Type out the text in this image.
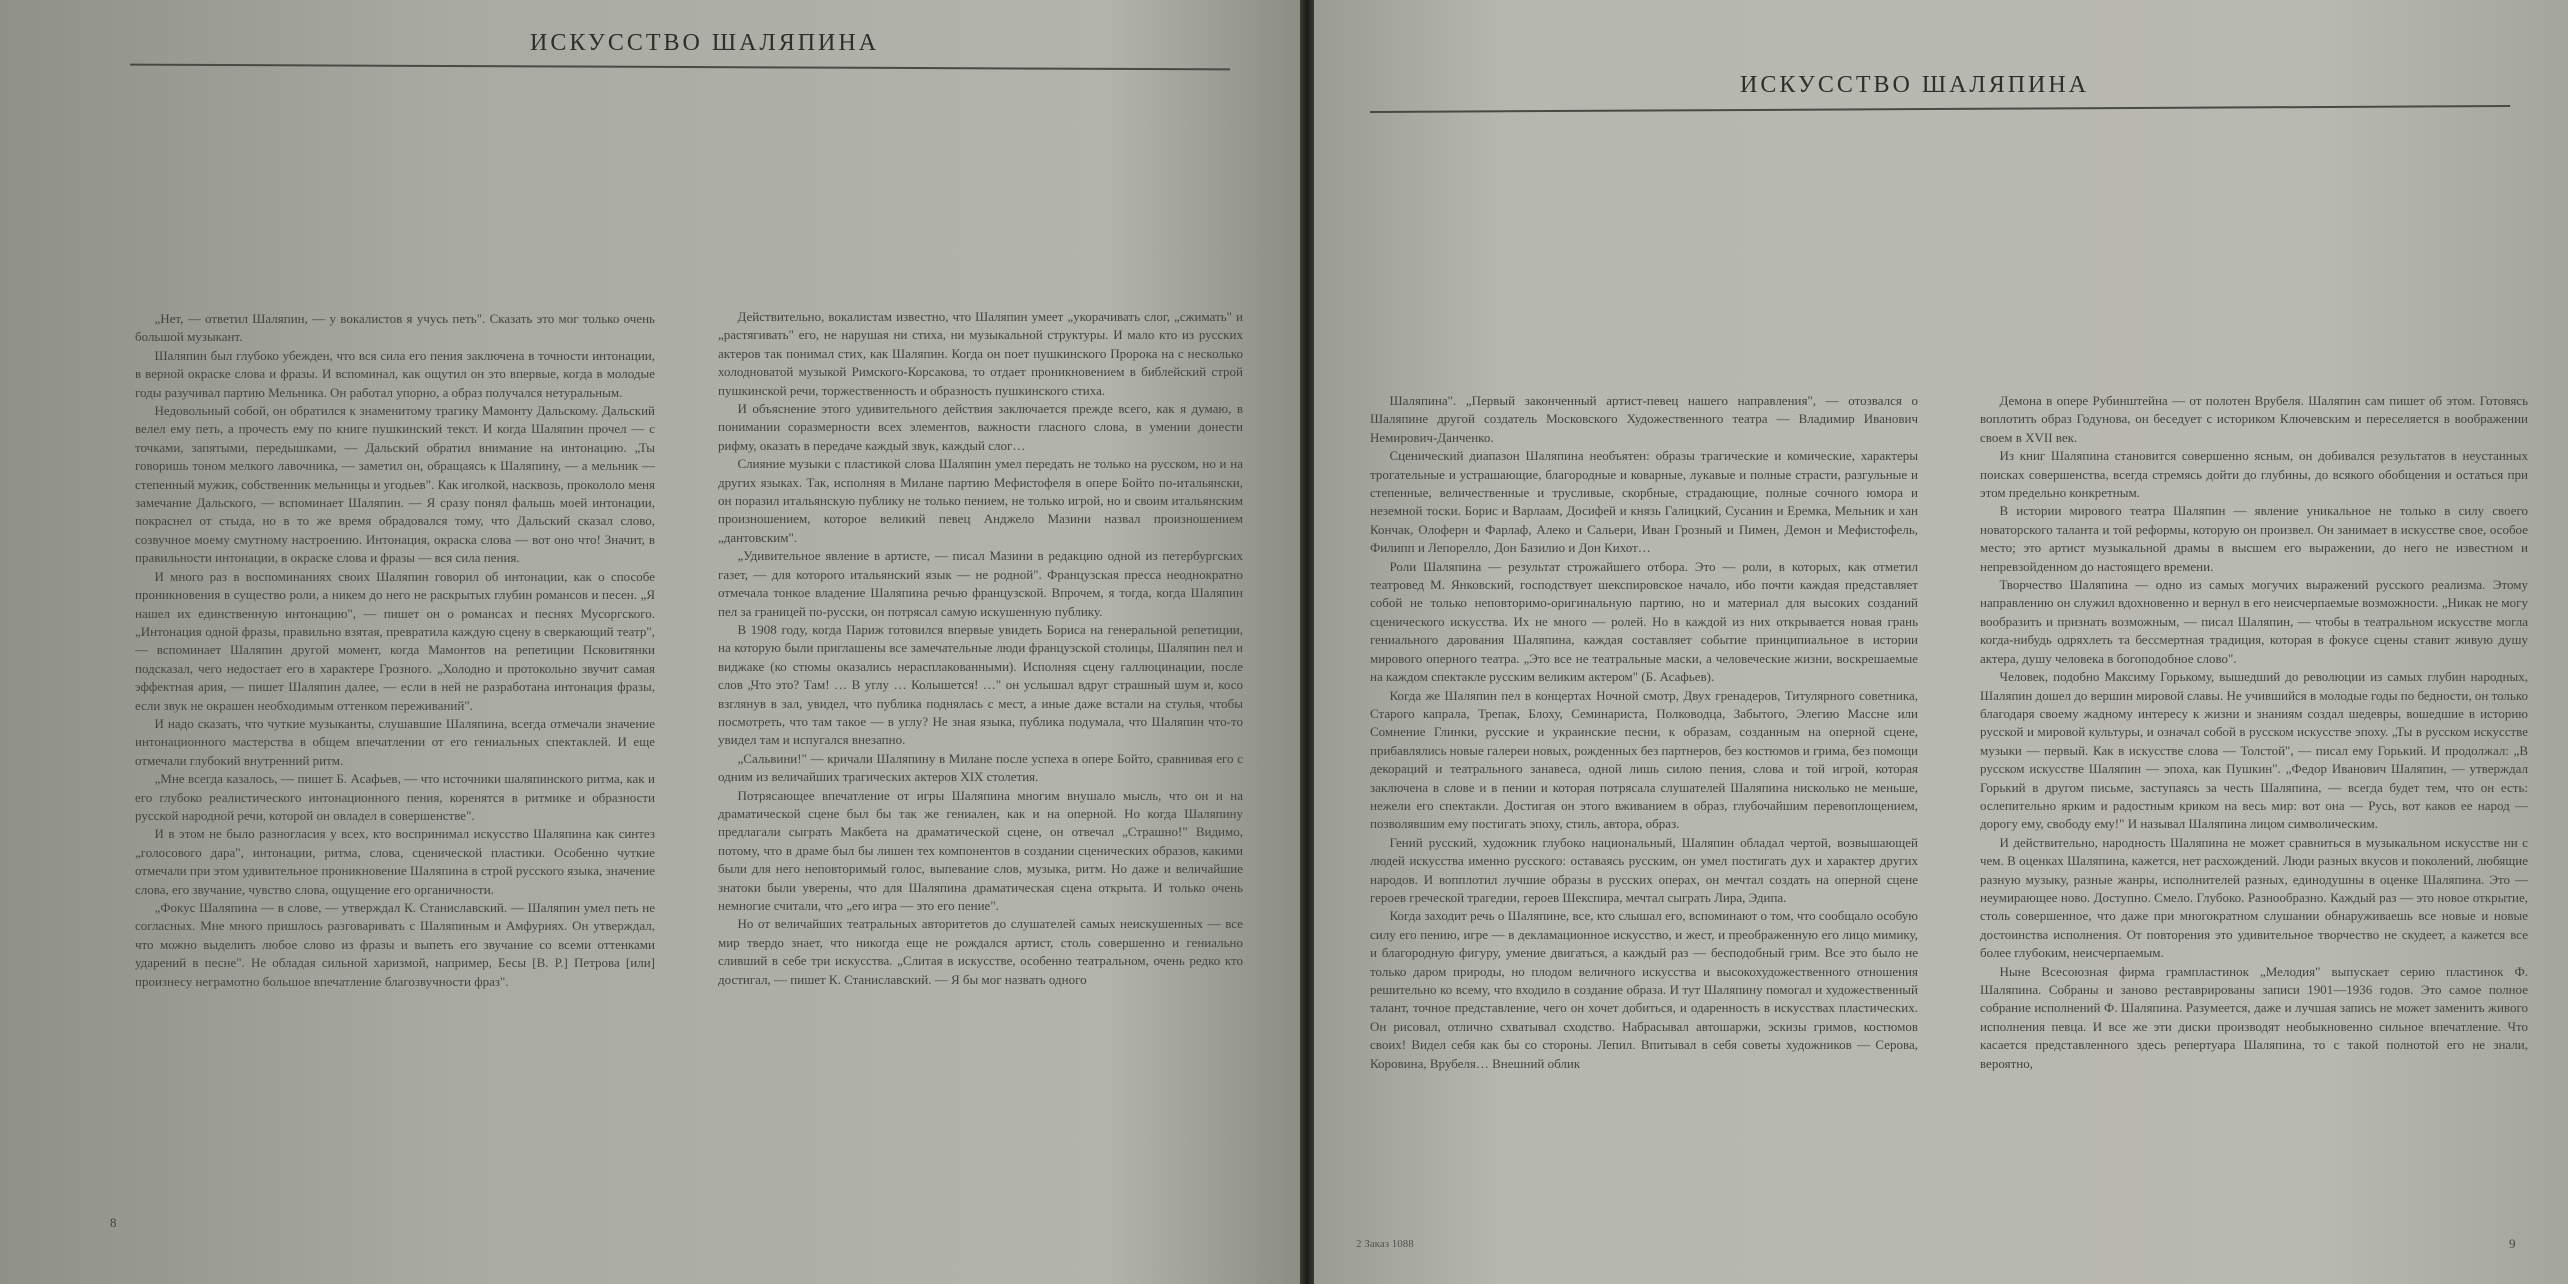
ИСКУССТВО ШАЛЯПИНА

„Нет, — ответил Шаляпин, — у вокалистов я учусь петь". Сказать это мог только очень большой музыкант.

Шаляпин был глубоко убежден, что вся сила его пения заключена в точности интонации, в верной окраске слова и фразы. И вспоминал, как ощутил он это впервые, когда в молодые годы разучивал партию Мельника. Он работал упорно, а образ получался нетуральным.

Недовольный собой, он обратился к знаменитому трагику Мамонту Дальскому. Дальский велел ему петь, а прочесть ему по книге пушкинский текст. И когда Шаляпин прочел — с точками, запятыми, передышками, — Дальский обратил внимание на интонацию. „Ты говоришь тоном мелкого лавочника, — заметил он, обращаясь к Шаляпину, — а мельник — степенный мужик, собственник мельницы и угодьев". Как иголкой, насквозь, прокололо меня замечание Дальского, — вспоминает Шаляпин. — Я сразу понял фальшь моей интонации, покраснел от стыда, но в то же время обрадовался тому, что Дальский сказал слово, созвучное моему смутному настроению. Интонация, окраска слова — вот оно что! Значит, в правильности интонации, в окраске слова и фразы — вся сила пения.

И много раз в воспоминаниях своих Шаляпин говорил об интонации, как о способе проникновения в существо роли, а никем до него не раскрытых глубин романсов и песен. „Я нашел их единственную интонацию", — пишет он о романсах и песнях Мусоргского. „Интонация одной фразы, правильно взятая, превратила каждую сцену в сверкающий театр", — вспоминает Шаляпин другой момент, когда Мамонтов на репетиции Псковитянки подсказал, чего недостает его в характере Грозного. „Холодно и протокольно звучит самая эффектная ария, — пишет Шаляпин далее, — если в ней не разработана интонация фразы, если звук не окрашен необходимым оттенком переживаний".

И надо сказать, что чуткие музыканты, слушавшие Шаляпина, всегда отмечали значение интонационного мастерства в общем впечатлении от его гениальных спектаклей. И еще отмечали глубокий внутренний ритм.

„Мне всегда казалось, — пишет Б. Асафьев, — что источники шаляпинского ритма, как и его глубоко реалистического интонационного пения, коренятся в ритмике и образности русской народной речи, которой он овладел в совершенстве".

И в этом не было разногласия у всех, кто воспринимал искусство Шаляпина как синтез „голосового дара", интонации, ритма, слова, сценической пластики. Особенно чуткие отмечали при этом удивительное проникновение Шаляпина в строй русского языка, значение слова, его звучание, чувство слова, ощущение его органичности.

„Фокус Шаляпина — в слове, — утверждал К. Станиславский. — Шаляпин умел петь не согласных. Мне много пришлось разговаривать с Шаляпиным и Амфуриях. Он утверждал, что можно выделить любое слово из фразы и выпеть его звучание со всеми оттенками ударений в песне". Не обладая сильной харизмой, например, Бесы [В. Р.] Петрова [или] произнесу неграмотно большое впечатление благозвучности фраз".

Действительно, вокалистам известно, что Шаляпин умеет „укорачивать слог, „сжимать" и „растягивать" его, не нарушая ни стиха, ни музыкальной структуры. И мало кто из русских актеров так понимал стих, как Шаляпин. Когда он поет пушкинского Пророка на с несколько холодноватой музыкой Римского-Корсакова, то отдает проникновением в библейский строй пушкинской речи, торжественность и образность пушкинского стиха.

И объяснение этого удивительного действия заключается прежде всего, как я думаю, в понимании соразмерности всех элементов, важности гласного слова, в умении донести рифму, оказать в передаче каждый звук, каждый слог…

Слияние музыки с пластикой слова Шаляпин умел передать не только на русском, но и на других языках. Так, исполняя в Милане партию Мефистофеля в опере Бойто по-итальянски, он поразил итальянскую публику не только пением, не только игрой, но и своим итальянским произношением, которое великий певец Анджело Мазини назвал произношением „дантовским".

„Удивительное явление в артисте, — писал Мазини в редакцию одной из петербургских газет, — для которого итальянский язык — не родной". Французская пресса неоднократно отмечала тонкое владение Шаляпина речью французской. Впрочем, я тогда, когда Шаляпин пел за границей по-русски, он потрясал самую искушенную публику.

В 1908 году, когда Париж готовился впервые увидеть Бориса на генеральной репетиции, на которую были приглашены все замечательные люди французской столицы, Шаляпин пел и виджаке (ко стюмы оказались нерасплакованными). Исполняя сцену галлюцинации, после слов „Что это? Там! … В углу … Колышется! …" он услышал вдруг страшный шум и, косо взглянув в зал, увидел, что публика поднялась с мест, а иные даже встали на стулья, чтобы посмотреть, что там такое — в углу? Не зная языка, публика подумала, что Шаляпин что-то увидел там и испугался внезапно.

„Сальвини!" — кричали Шаляпину в Милане после успеха в опере Бойто, сравнивая его с одним из величайших трагических актеров XIX столетия.

Потрясающее впечатление от игры Шаляпина многим внушало мысль, что он и на драматической сцене был бы так же гениален, как и на оперной. Но когда Шаляпину предлагали сыграть Макбета на драматической сцене, он отвечал „Страшно!" Видимо, потому, что в драме был бы лишен тех компонентов в создании сценических образов, какими были для него неповторимый голос, выпевание слов, музыка, ритм. Но даже и величайшие знатоки были уверены, что для Шаляпина драматическая сцена открыта. И только очень немногие считали, что „его игра — это его пение".

Но от величайших театральных авторитетов до слушателей самых неискушенных — все мир твердо знает, что никогда еще не рождался артист, столь совершенно и гениально сливший в себе три искусства. „Слитая в искусстве, особенно театральном, очень редко кто достигал, — пишет К. Станиславский. — Я бы мог назвать одного

8
ИСКУССТВО ШАЛЯПИНА

Шаляпина". „Первый законченный артист-певец нашего направления", — отозвался о Шаляпине другой создатель Московского Художественного театра — Владимир Иванович Немирович-Данченко.

Сценический диапазон Шаляпина необъятен: образы трагические и комические, характеры трогательные и устрашающие, благородные и коварные, лукавые и полные страсти, разгульные и степенные, величественные и трусливые, скорбные, страдающие, полные сочного юмора и неземной тоски. Борис и Варлаам, Досифей и князь Галицкий, Сусанин и Еремка, Мельник и хан Кончак, Олоферн и Фарлаф, Алеко и Сальери, Иван Грозный и Пимен, Демон и Мефистофель, Филипп и Лепорелло, Дон Базилио и Дон Кихот…

Роли Шаляпина — результат строжайшего отбора. Это — роли, в которых, как отметил театровед М. Янковский, господствует шекспировское начало, ибо почти каждая представляет собой не только неповторимо-оригинальную партию, но и материал для высоких созданий сценического искусства. Их не много — ролей. Но в каждой из них открывается новая грань гениального дарования Шаляпина, каждая составляет событие принципиальное в истории мирового оперного театра. „Это все не театральные маски, а человеческие жизни, воскрешаемые на каждом спектакле русским великим актером" (Б. Асафьев).

Когда же Шаляпин пел в концертах Ночной смотр, Двух гренадеров, Титулярного советника, Старого капрала, Трепак, Блоху, Семинариста, Полководца, Забытого, Элегию Массне или Сомнение Глинки, русские и украинские песни, к образам, созданным на оперной сцене, прибавлялись новые галереи новых, рожденных без партнеров, без костюмов и грима, без помощи декораций и театрального занавеса, одной лишь силою пения, слова и той игрой, которая заключена в слове и в пении и которая потрясала слушателей Шаляпина нисколько не меньше, нежели его спектакли. Достигая он этого вживанием в образ, глубочайшим перевоплощением, позволявшим ему постигать эпоху, стиль, автора, образ.

Гений русский, художник глубоко национальный, Шаляпин обладал чертой, возвышающей людей искусства именно русского: оставаясь русским, он умел постигать дух и характер других народов. И вопплотил лучшие образы в русских операх, он мечтал создать на оперной сцене героев греческой трагедии, героев Шекспира, мечтал сыграть Лира, Эдипа.

Когда заходит речь о Шаляпине, все, кто слышал его, вспоминают о том, что сообщало особую силу его пению, игре — в декламационное искусство, и жест, и преображенную его лицо мимику, и благородную фигуру, умение двигаться, а каждый раз — бесподобный грим. Все это было не только даром природы, но плодом величного искусства и высокохудожественного отношения решительно ко всему, что входило в создание образа. И тут Шаляпину помогал и художественный талант, точное представление, чего он хочет добиться, и одаренность в искусствах пластических. Он рисовал, отлично схватывал сходство. Набрасывал автошаржи, эскизы гримов, костюмов своих! Видел себя как бы со стороны. Лепил. Впитывал в себя советы художников — Серова, Коровина, Врубеля… Внешний облик

Демона в опере Рубинштейна — от полотен Врубеля. Шаляпин сам пишет об этом. Готовясь воплотить образ Годунова, он беседует с историком Ключевским и переселяется в воображении своем в XVII век.

Из книг Шаляпина становится совершенно ясным, он добивался результатов в неустанных поисках совершенства, всегда стремясь дойти до глубины, до всякого обобщения и остаться при этом предельно конкретным.

В истории мирового театра Шаляпин — явление уникальное не только в силу своего новаторского таланта и той реформы, которую он произвел. Он занимает в искусстве свое, особое место; это артист музыкальной драмы в высшем его выражении, до него не известном и непревзойденном до настоящего времени.

Творчество Шаляпина — одно из самых могучих выражений русского реализма. Этому направлению он служил вдохновенно и вернул в его неисчерпаемые возможности. „Никак не могу вообразить и признать возможным, — писал Шаляпин, — чтобы в театральном искусстве могла когда-нибудь одряхлеть та бессмертная традиция, которая в фокусе сцены ставит живую душу актера, душу человека в богоподобное слово".

Человек, подобно Максиму Горькому, вышедший до революции из самых глубин народных, Шаляпин дошел до вершин мировой славы. Не учившийся в молодые годы по бедности, он только благодаря своему жадному интересу к жизни и знаниям создал шедевры, вошедшие в историю русской и мировой культуры, и означал собой в русском искусстве эпоху. „Ты в русском искусстве музыки — первый. Как в искусстве слова — Толстой", — писал ему Горький. И продолжал: „В русском искусстве Шаляпин — эпоха, как Пушкин". „Федор Иванович Шаляпин, — утверждал Горький в другом письме, заступаясь за честь Шаляпина, — всегда будет тем, что он есть: ослепительно ярким и радостным криком на весь мир: вот она — Русь, вот каков ее народ — дорогу ему, свободу ему!" И называл Шаляпина лицом символическим.

И действительно, народность Шаляпина не может сравниться в музыкальном искусстве ни с чем. В оценках Шаляпина, кажется, нет расхождений. Люди разных вкусов и поколений, любящие разную музыку, разные жанры, исполнителей разных, единодушны в оценке Шаляпина. Это — неумирающее ново. Доступно. Смело. Глубоко. Разнообразно. Каждый раз — это новое открытие, столь совершенное, что даже при многократном слушании обнаруживаешь все новые и новые достоинства исполнения. От повторения это удивительное творчество не скудеет, а кажется все более глубоким, неисчерпаемым.

Ныне Всесоюзная фирма грампластинок „Мелодия" выпускает серию пластинок Ф. Шаляпина. Собраны и заново реставрированы записи 1901—1936 годов. Это самое полное собрание исполнений Ф. Шаляпина. Разумеется, даже и лучшая запись не может заменить живого исполнения певца. И все же эти диски производят необыкновенно сильное впечатление. Что касается представленного здесь репертуара Шаляпина, то с такой полнотой его не знали, вероятно,

2 Заказ 1088	9
